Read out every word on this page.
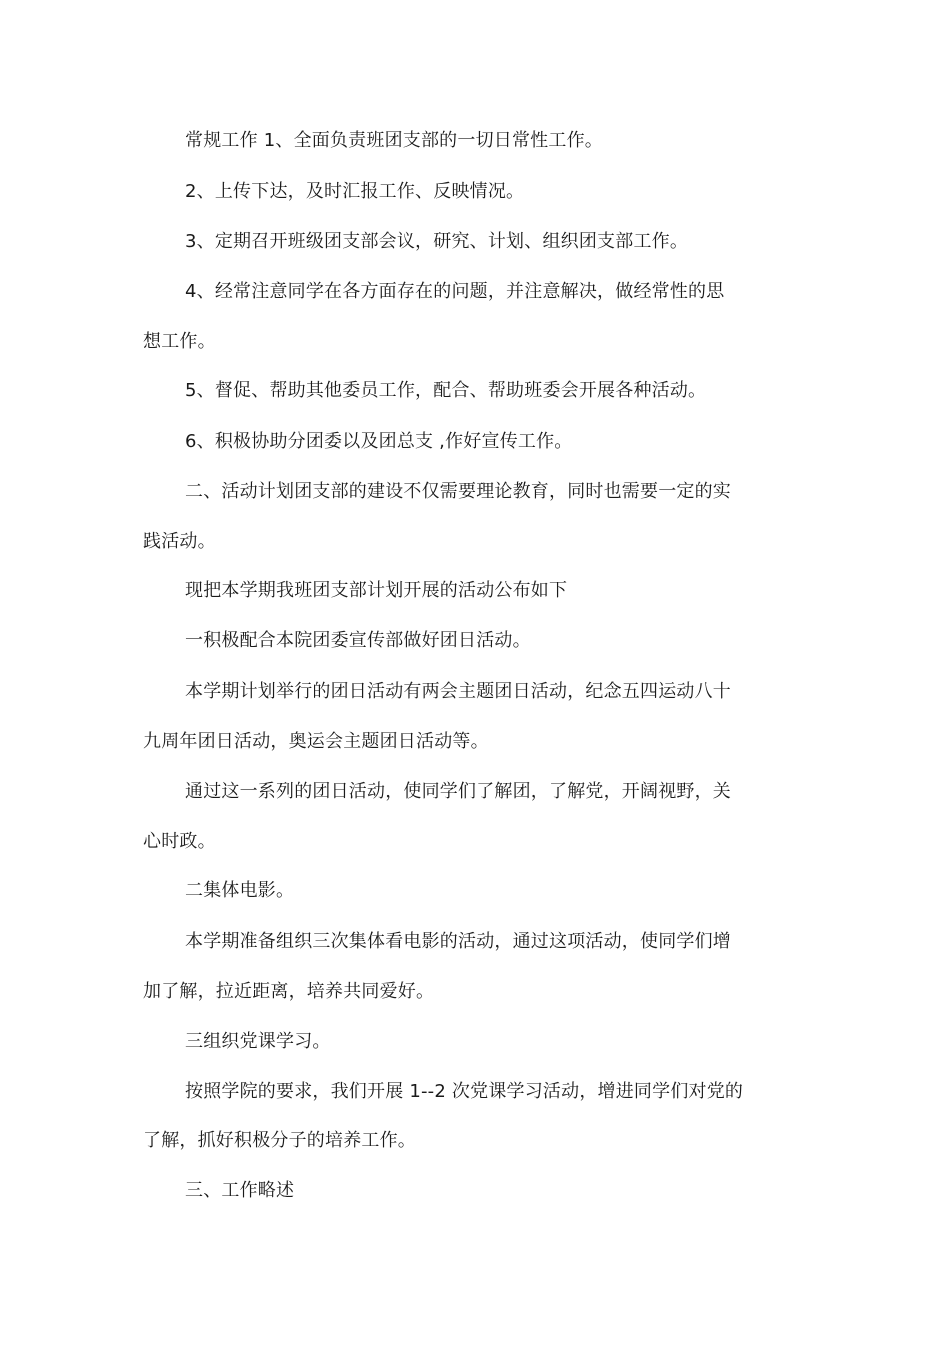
常规工作 1、全面负责班团支部的一切日常性工作。
2、上传下达，及时汇报工作、反映情况。
3、定期召开班级团支部会议，研究、计划、组织团支部工作。
4、经常注意同学在各方面存在的问题，并注意解决，做经常性的思
想工作。
5、督促、帮助其他委员工作，配合、帮助班委会开展各种活动。
6、积极协助分团委以及团总支 ,作好宣传工作。
二、活动计划团支部的建设不仅需要理论教育，同时也需要一定的实
践活动。
现把本学期我班团支部计划开展的活动公布如下
一积极配合本院团委宣传部做好团日活动。
本学期计划举行的团日活动有两会主题团日活动，纪念五四运动八十
九周年团日活动，奥运会主题团日活动等。
通过这一系列的团日活动，使同学们了解团，了解党，开阔视野，关
心时政。
二集体电影。
本学期准备组织三次集体看电影的活动，通过这项活动，使同学们增
加了解，拉近距离，培养共同爱好。
三组织党课学习。
按照学院的要求，我们开展 1--2 次党课学习活动，增进同学们对党的
了解，抓好积极分子的培养工作。
三、工作略述
